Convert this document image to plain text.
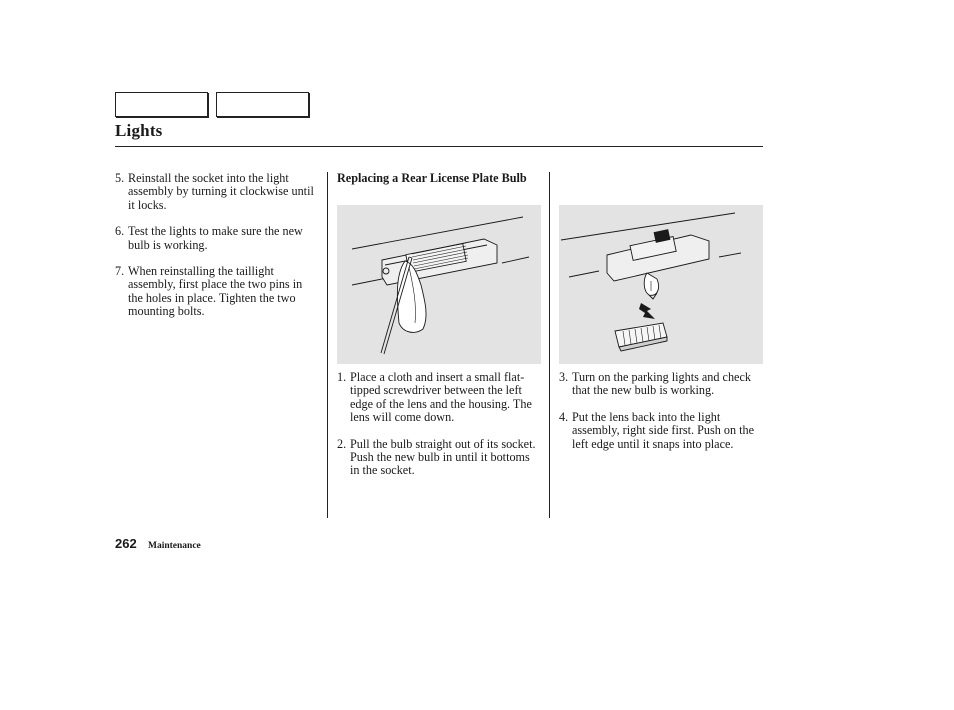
Lights
5. Reinstall the socket into the light assembly by turning it clockwise until it locks.
6. Test the lights to make sure the new bulb is working.
7. When reinstalling the taillight assembly, first place the two pins in the holes in place. Tighten the two mounting bolts.
Replacing a Rear License Plate Bulb
1. Place a cloth and insert a small flat-tipped screwdriver between the left edge of the lens and the housing. The lens will come down.
2. Pull the bulb straight out of its socket. Push the new bulb in until it bottoms in the socket.
3. Turn on the parking lights and check that the new bulb is working.
4. Put the lens back into the light assembly, right side first. Push on the left edge until it snaps into place.
262 Maintenance
